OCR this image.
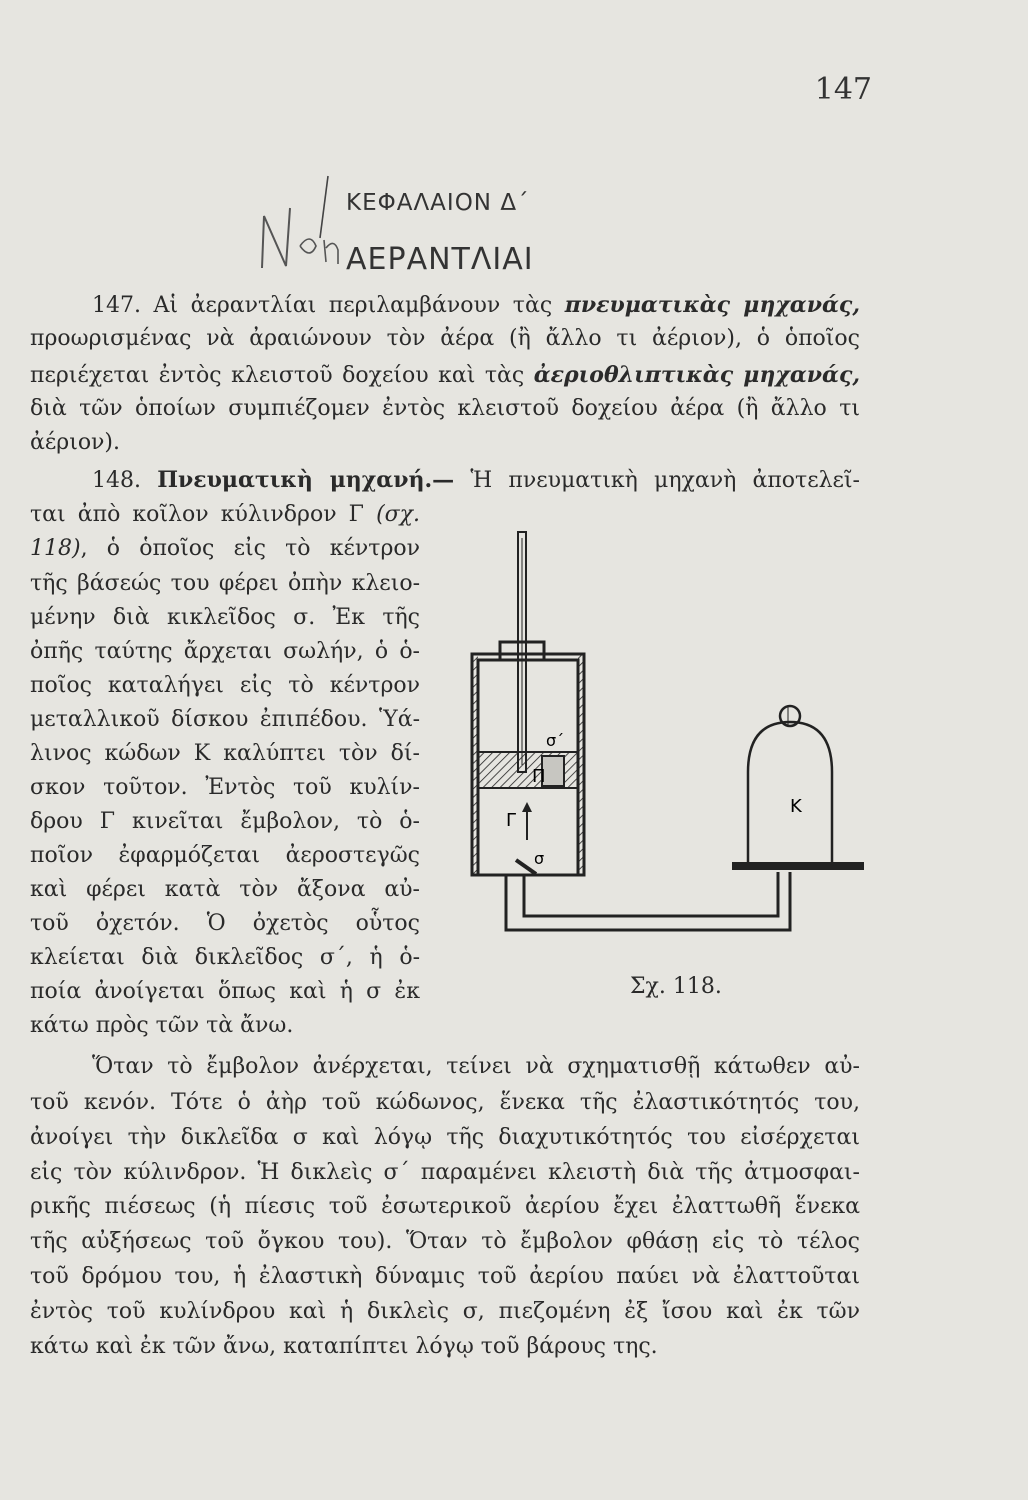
147
ΚΕΦΑΛΑΙΟΝ Δ΄
ΑΕΡΑΝΤΛΙΑΙ
147. Αἱ ἀεραντλίαι περιλαμβάνουν τὰς πνευματικὰς μηχανάς,
προωρισμένας νὰ ἀραιώνουν τὸν ἀέρα (ἢ ἄλλο τι ἀέριον), ὁ ὁποῖος
περιέχεται ἐντὸς κλειστοῦ δοχείου καὶ τὰς ἀεριοθλιπτικὰς μηχανάς,
διὰ τῶν ὁποίων συμπιέζομεν ἐντὸς κλειστοῦ δοχείου ἀέρα (ἢ ἄλλο τι
ἀέριον).
148. Πνευματικὴ μηχανή.— Ἡ πνευματικὴ μηχανὴ ἀποτελεῖ-
ται ἀπὸ κοῖλον κύλινδρον Γ (σχ.
118), ὁ ὁποῖος εἰς τὸ κέντρον
τῆς βάσεώς του φέρει ὀπὴν κλειο-
μένην διὰ κικλεῖδος σ. Ἐκ τῆς
ὀπῆς ταύτης ἄρχεται σωλήν, ὁ ὁ-
ποῖος καταλήγει εἰς τὸ κέντρον
μεταλλικοῦ δίσκου ἐπιπέδου. Ὑά-
λινος κώδων Κ καλύπτει τὸν δί-
σκον τοῦτον. Ἐντὸς τοῦ κυλίν-
δρου Γ κινεῖται ἔμβολον, τὸ ὁ-
ποῖον ἐφαρμόζεται ἀεροστεγῶς
καὶ φέρει κατὰ τὸν ἄξονα αὐ-
τοῦ ὀχετόν. Ὁ ὀχετὸς οὗτος
κλείεται διὰ δικλεῖδος σ΄, ἡ ὁ-
ποία ἀνοίγεται ὅπως καὶ ἡ σ ἐκ
κάτω πρὸς τῶν τὰ ἄνω.
Π
σ΄
Γ
σ
Κ
Σχ. 118.
Ὅταν τὸ ἔμβολον ἀνέρχεται, τείνει νὰ σχηματισθῇ κάτωθεν αὐ-
τοῦ κενόν. Τότε ὁ ἀὴρ τοῦ κώδωνος, ἕνεκα τῆς ἐλαστικότητός του,
ἀνοίγει τὴν δικλεῖδα σ καὶ λόγῳ τῆς διαχυτικότητός του εἰσέρχεται
εἰς τὸν κύλινδρον. Ἡ δικλεὶς σ΄ παραμένει κλειστὴ διὰ τῆς ἀτμοσφαι-
ρικῆς πιέσεως (ἡ πίεσις τοῦ ἐσωτερικοῦ ἀερίου ἔχει ἐλαττωθῆ ἕνεκα
τῆς αὐξήσεως τοῦ ὄγκου του). Ὅταν τὸ ἔμβολον φθάσῃ εἰς τὸ τέλος
τοῦ δρόμου του, ἡ ἐλαστικὴ δύναμις τοῦ ἀερίου παύει νὰ ἐλαττοῦται
ἐντὸς τοῦ κυλίνδρου καὶ ἡ δικλεὶς σ, πιεζομένη ἐξ ἴσου καὶ ἐκ τῶν
κάτω καὶ ἐκ τῶν ἄνω, καταπίπτει λόγῳ τοῦ βάρους της.
